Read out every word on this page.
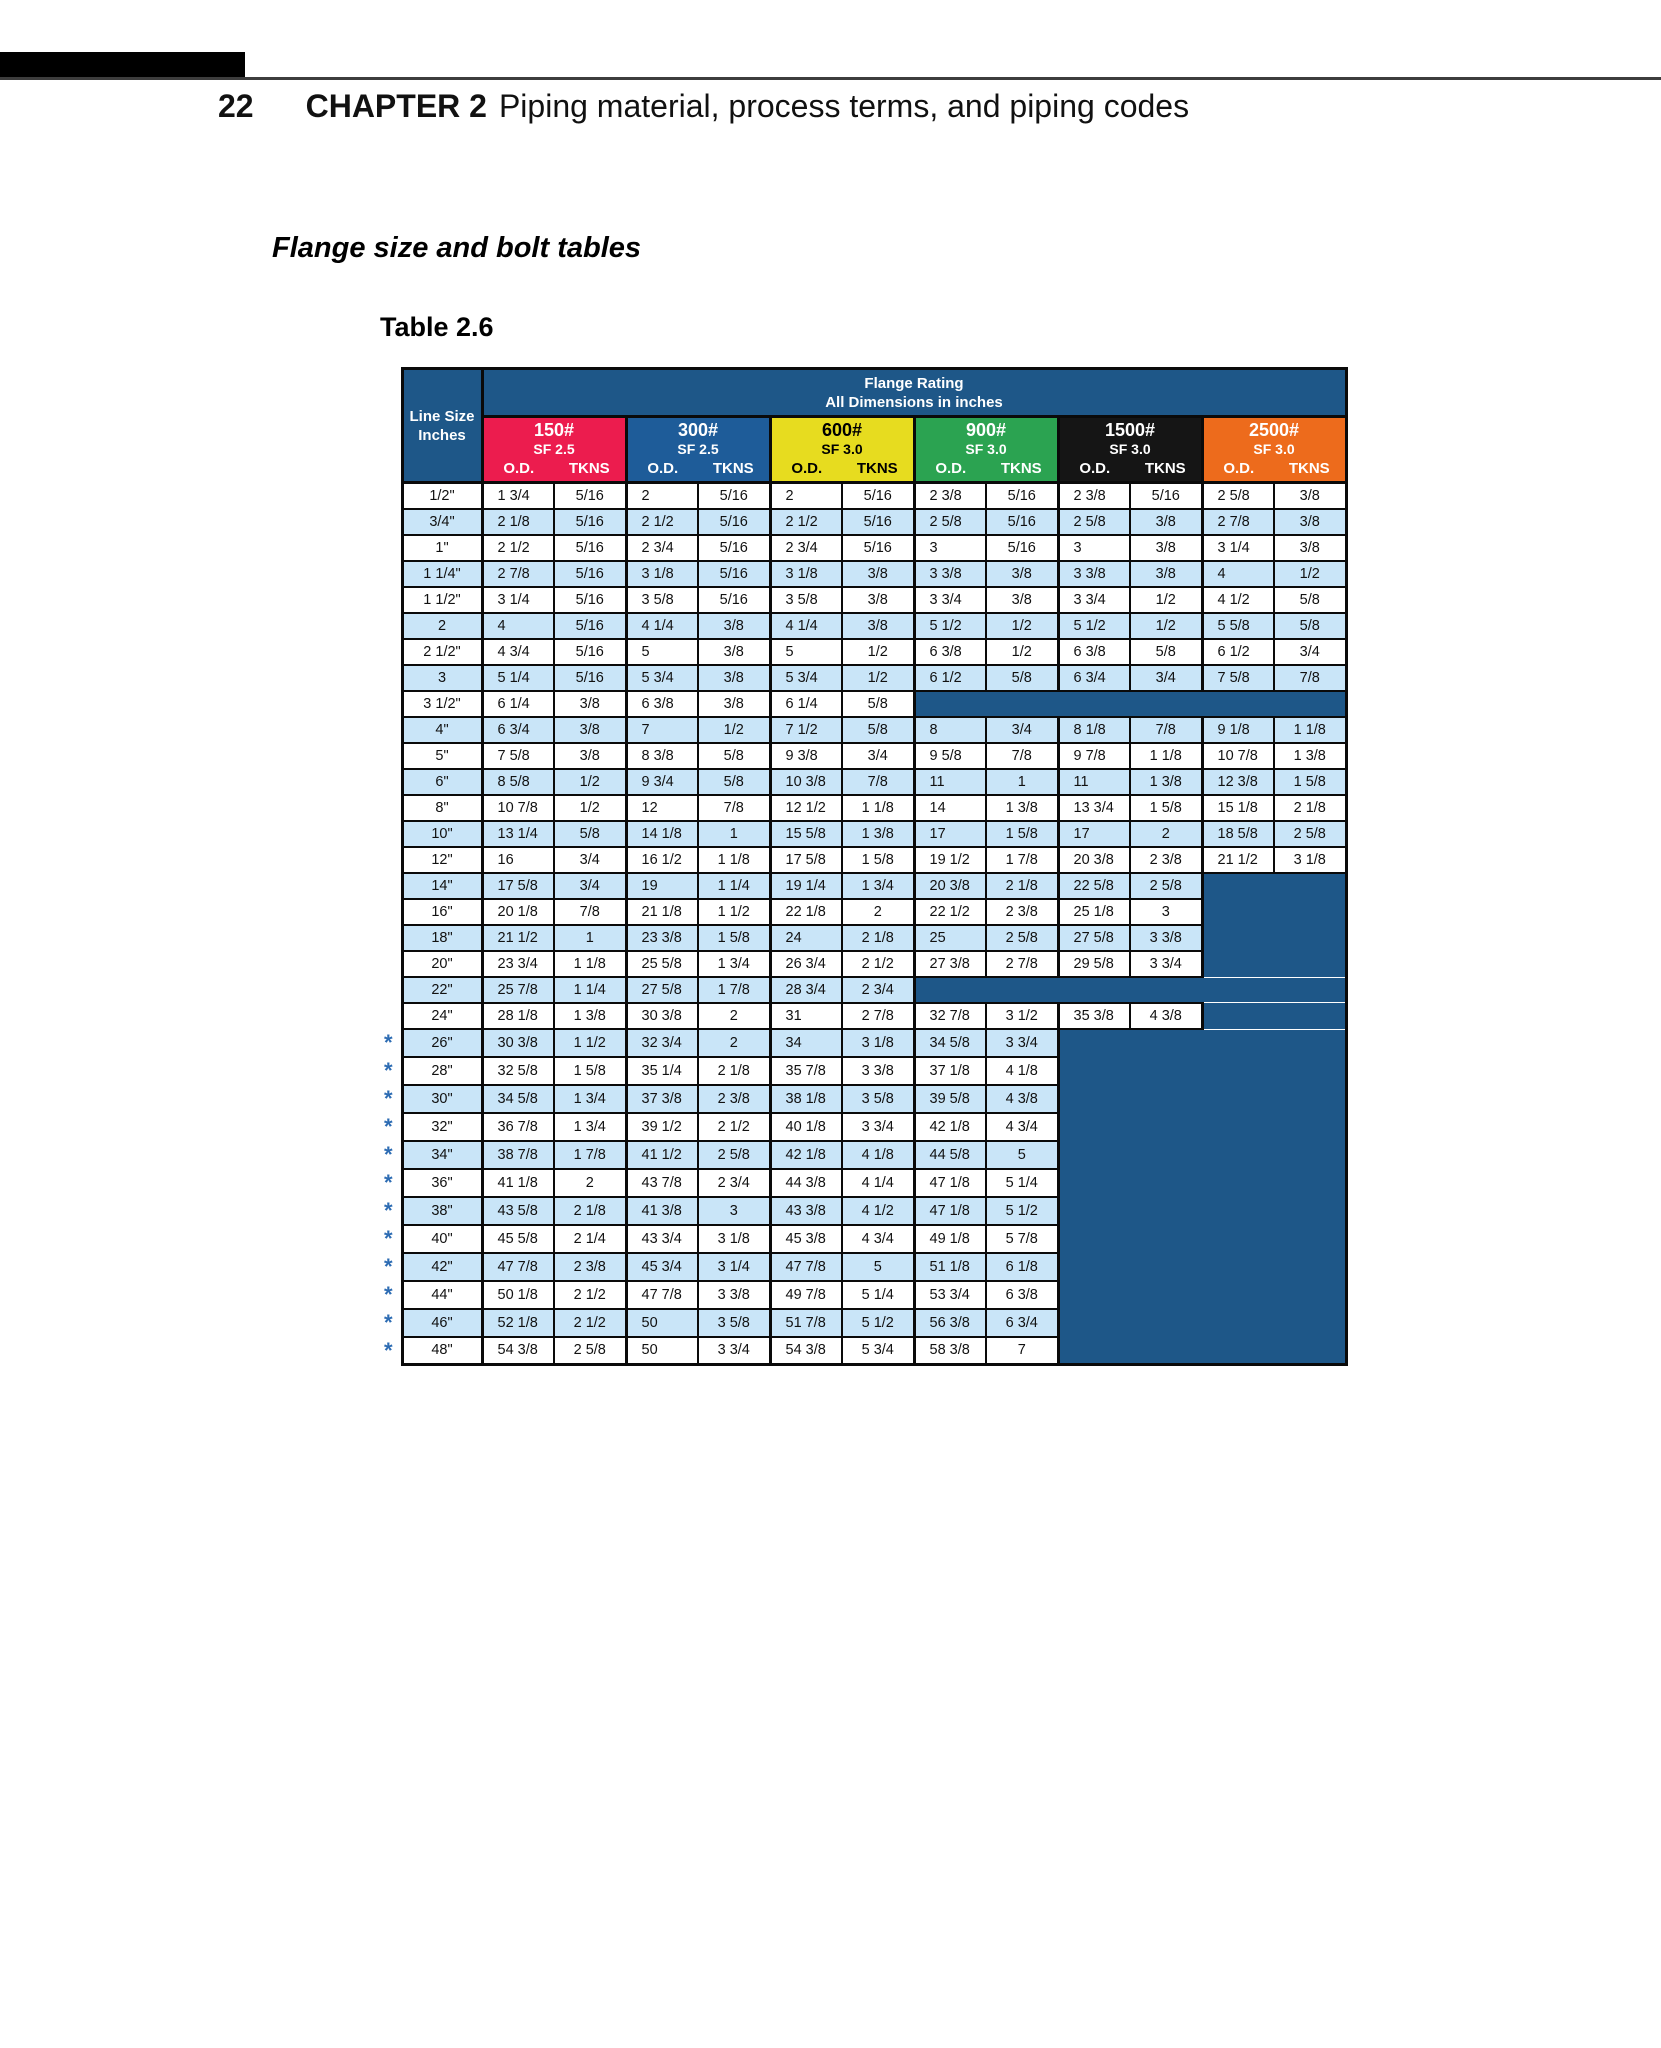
22 CHAPTER 2 Piping material, process terms, and piping codes
Flange size and bolt tables
Table 2.6

Line Size
Inches

Flange Rating
All Dimensions in inches

150#
SF 2.5
O.D.	TKNS

300#
SF 2.5
O.D.	TKNS

600#
SF 3.0
O.D.	TKNS

900#
SF 3.0
O.D.	TKNS

1500#
SF 3.0
O.D.	TKNS

2500#
SF 3.0
O.D.	TKNS

	1/2"	1 3/4	5/16	2	5/16	2	5/16	2 3/8	5/16	2 3/8	5/16	2 5/8	3/8
	3/4"	2 1/8	5/16	2 1/2	5/16	2 1/2	5/16	2 5/8	5/16	2 5/8	3/8	2 7/8	3/8
	1"	2 1/2	5/16	2 3/4	5/16	2 3/4	5/16	3	5/16	3	3/8	3 1/4	3/8
	1 1/4"	2 7/8	5/16	3 1/8	5/16	3 1/8	3/8	3 3/8	3/8	3 3/8	3/8	4	1/2
	1 1/2"	3 1/4	5/16	3 5/8	5/16	3 5/8	3/8	3 3/4	3/8	3 3/4	1/2	4 1/2	5/8
	2	4	5/16	4 1/4	3/8	4 1/4	3/8	5 1/2	1/2	5 1/2	1/2	5 5/8	5/8
	2 1/2"	4 3/4	5/16	5	3/8	5	1/2	6 3/8	1/2	6 3/8	5/8	6 1/2	3/4
	3	5 1/4	5/16	5 3/4	3/8	5 3/4	1/2	6 1/2	5/8	6 3/4	3/4	7 5/8	7/8
	3 1/2"	6 1/4	3/8	6 3/8	3/8	6 1/4	5/8						
	4"	6 3/4	3/8	7	1/2	7 1/2	5/8	8	3/4	8 1/8	7/8	9 1/8	1 1/8
	5"	7 5/8	3/8	8 3/8	5/8	9 3/8	3/4	9 5/8	7/8	9 7/8	1 1/8	10 7/8	1 3/8
	6"	8 5/8	1/2	9 3/4	5/8	10 3/8	7/8	11	1	11	1 3/8	12 3/8	1 5/8
	8"	10 7/8	1/2	12	7/8	12 1/2	1 1/8	14	1 3/8	13 3/4	1 5/8	15 1/8	2 1/8
	10"	13 1/4	5/8	14 1/8	1	15 5/8	1 3/8	17	1 5/8	17	2	18 5/8	2 5/8
	12"	16	3/4	16 1/2	1 1/8	17 5/8	1 5/8	19 1/2	1 7/8	20 3/8	2 3/8	21 1/2	3 1/8
	14"	17 5/8	3/4	19	1 1/4	19 1/4	1 3/4	20 3/8	2 1/8	22 5/8	2 5/8		
	16"	20 1/8	7/8	21 1/8	1 1/2	22 1/8	2	22 1/2	2 3/8	25 1/8	3		
	18"	21 1/2	1	23 3/8	1 5/8	24	2 1/8	25	2 5/8	27 5/8	3 3/8		
	20"	23 3/4	1 1/8	25 5/8	1 3/4	26 3/4	2 1/2	27 3/8	2 7/8	29 5/8	3 3/4		
	22"	25 7/8	1 1/4	27 5/8	1 7/8	28 3/4	2 3/4						
	24"	28 1/8	1 3/8	30 3/8	2	31	2 7/8	32 7/8	3 1/2	35 3/8	4 3/8		
*	26"	30 3/8	1 1/2	32 3/4	2	34	3 1/8	34 5/8	3 3/4				
*	28"	32 5/8	1 5/8	35 1/4	2 1/8	35 7/8	3 3/8	37 1/8	4 1/8				
*	30"	34 5/8	1 3/4	37 3/8	2 3/8	38 1/8	3 5/8	39 5/8	4 3/8				
*	32"	36 7/8	1 3/4	39 1/2	2 1/2	40 1/8	3 3/4	42 1/8	4 3/4				
*	34"	38 7/8	1 7/8	41 1/2	2 5/8	42 1/8	4 1/8	44 5/8	5				
*	36"	41 1/8	2	43 7/8	2 3/4	44 3/8	4 1/4	47 1/8	5 1/4				
*	38"	43 5/8	2 1/8	41 3/8	3	43 3/8	4 1/2	47 1/8	5 1/2				
*	40"	45 5/8	2 1/4	43 3/4	3 1/8	45 3/8	4 3/4	49 1/8	5 7/8				
*	42"	47 7/8	2 3/8	45 3/4	3 1/4	47 7/8	5	51 1/8	6 1/8				
*	44"	50 1/8	2 1/2	47 7/8	3 3/8	49 7/8	5 1/4	53 3/4	6 3/8				
*	46"	52 1/8	2 1/2	50	3 5/8	51 7/8	5 1/2	56 3/8	6 3/4				
*	48"	54 3/8	2 5/8	50	3 3/4	54 3/8	5 3/4	58 3/8	7				
